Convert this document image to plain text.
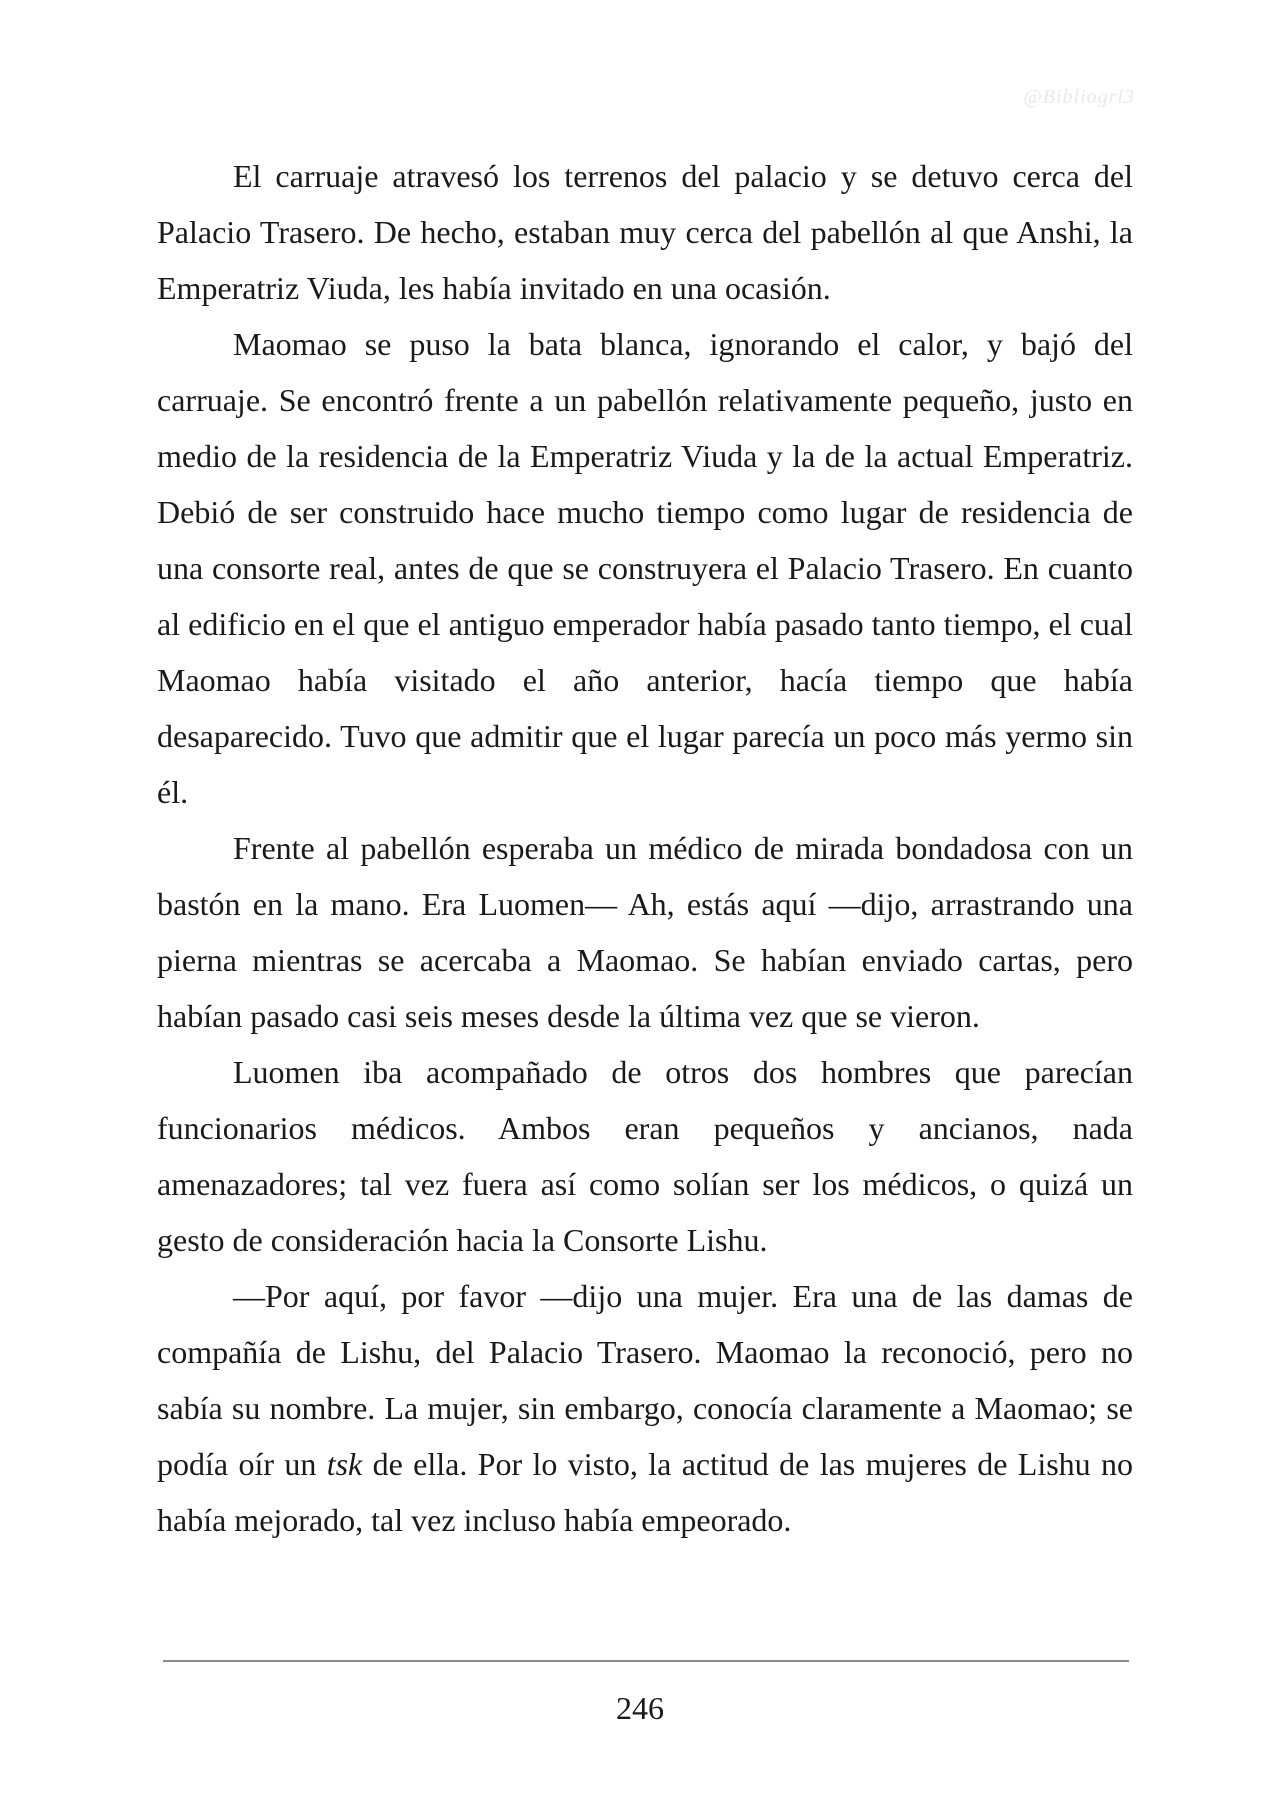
@Bibliogrl3

El carruaje atravesó los terrenos del palacio y se detuvo cerca del Palacio Trasero. De hecho, estaban muy cerca del pabellón al que Anshi, la Emperatriz Viuda, les había invitado en una ocasión.

Maomao se puso la bata blanca, ignorando el calor, y bajó del carruaje. Se encontró frente a un pabellón relativamente pequeño, justo en medio de la residencia de la Emperatriz Viuda y la de la actual Emperatriz. Debió de ser construido hace mucho tiempo como lugar de residencia de una consorte real, antes de que se construyera el Palacio Trasero. En cuanto al edificio en el que el antiguo emperador había pasado tanto tiempo, el cual Maomao había visitado el año anterior, hacía tiempo que había desaparecido. Tuvo que admitir que el lugar parecía un poco más yermo sin él.

Frente al pabellón esperaba un médico de mirada bondadosa con un bastón en la mano. Era Luomen— Ah, estás aquí —dijo, arrastrando una pierna mientras se acercaba a Maomao. Se habían enviado cartas, pero habían pasado casi seis meses desde la última vez que se vieron.

Luomen iba acompañado de otros dos hombres que parecían funcionarios médicos. Ambos eran pequeños y ancianos, nada amenazadores; tal vez fuera así como solían ser los médicos, o quizá un gesto de consideración hacia la Consorte Lishu.

—Por aquí, por favor —dijo una mujer. Era una de las damas de compañía de Lishu, del Palacio Trasero. Maomao la reconoció, pero no sabía su nombre. La mujer, sin embargo, conocía claramente a Maomao; se podía oír un tsk de ella. Por lo visto, la actitud de las mujeres de Lishu no había mejorado, tal vez incluso había empeorado.

246
